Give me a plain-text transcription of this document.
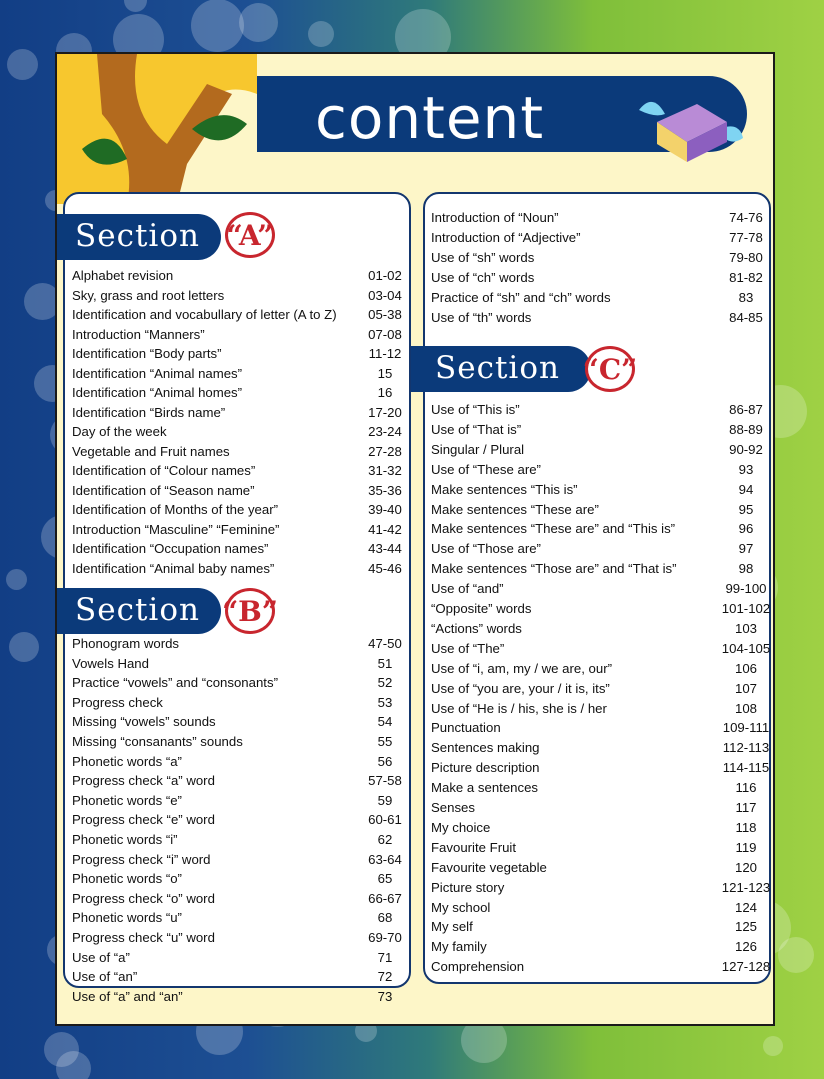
content
Section “A”
Alphabet revision	01-02
Sky, grass and root letters	03-04
Identification and vocabullary of letter (A to Z)	05-38
Introduction “Manners”	07-08
Identification “Body parts”	11-12
Identification “Animal names”	15
Identification “Animal homes”	16
Identification “Birds name”	17-20
Day of the week	23-24
Vegetable and Fruit names	27-28
Identification of “Colour names”	31-32
Identification of “Season name”	35-36
Identification of Months of the year”	39-40
Introduction “Masculine” “Feminine”	41-42
Identification “Occupation names”	43-44
Identification “Animal baby names”	45-46
Section “B”
Phonogram words	47-50
Vowels Hand	51
Practice “vowels” and “consonants”	52
Progress check	53
Missing “vowels” sounds	54
Missing “consanants” sounds	55
Phonetic words “a”	56
Progress check “a” word	57-58
Phonetic words “e”	59
Progress check “e” word	60-61
Phonetic words “i”	62
Progress check “i” word	63-64
Phonetic words “o”	65
Progress check “o” word	66-67
Phonetic words “u”	68
Progress check “u” word	69-70
Use of “a”	71
Use of “an”	72
Use of “a” and “an”	73
Introduction of “Noun”	74-76
Introduction of “Adjective”	77-78
Use of “sh” words	79-80
Use of “ch” words	81-82
Practice of “sh” and “ch” words	83
Use of “th” words	84-85
Section “C”
Use of “This is”	86-87
Use of “That is”	88-89
Singular / Plural	90-92
Use of “These are”	93
Make sentences “This is”	94
Make sentences “These are”	95
Make sentences “These are” and “This is”	96
Use of “Those are”	97
Make sentences “Those are” and “That is”	98
Use of “and”	99-100
“Opposite” words	101-102
“Actions” words	103
Use of “The”	104-105
Use of “i, am, my / we are, our”	106
Use of “you are, your / it is, its”	107
Use of “He is / his, she is / her	108
Punctuation	109-111
Sentences making	112-113
Picture description	114-115
Make a sentences	116
Senses	117
My choice	118
Favourite Fruit	119
Favourite vegetable	120
Picture story	121-123
My school	124
My self	125
My family	126
Comprehension	127-128
